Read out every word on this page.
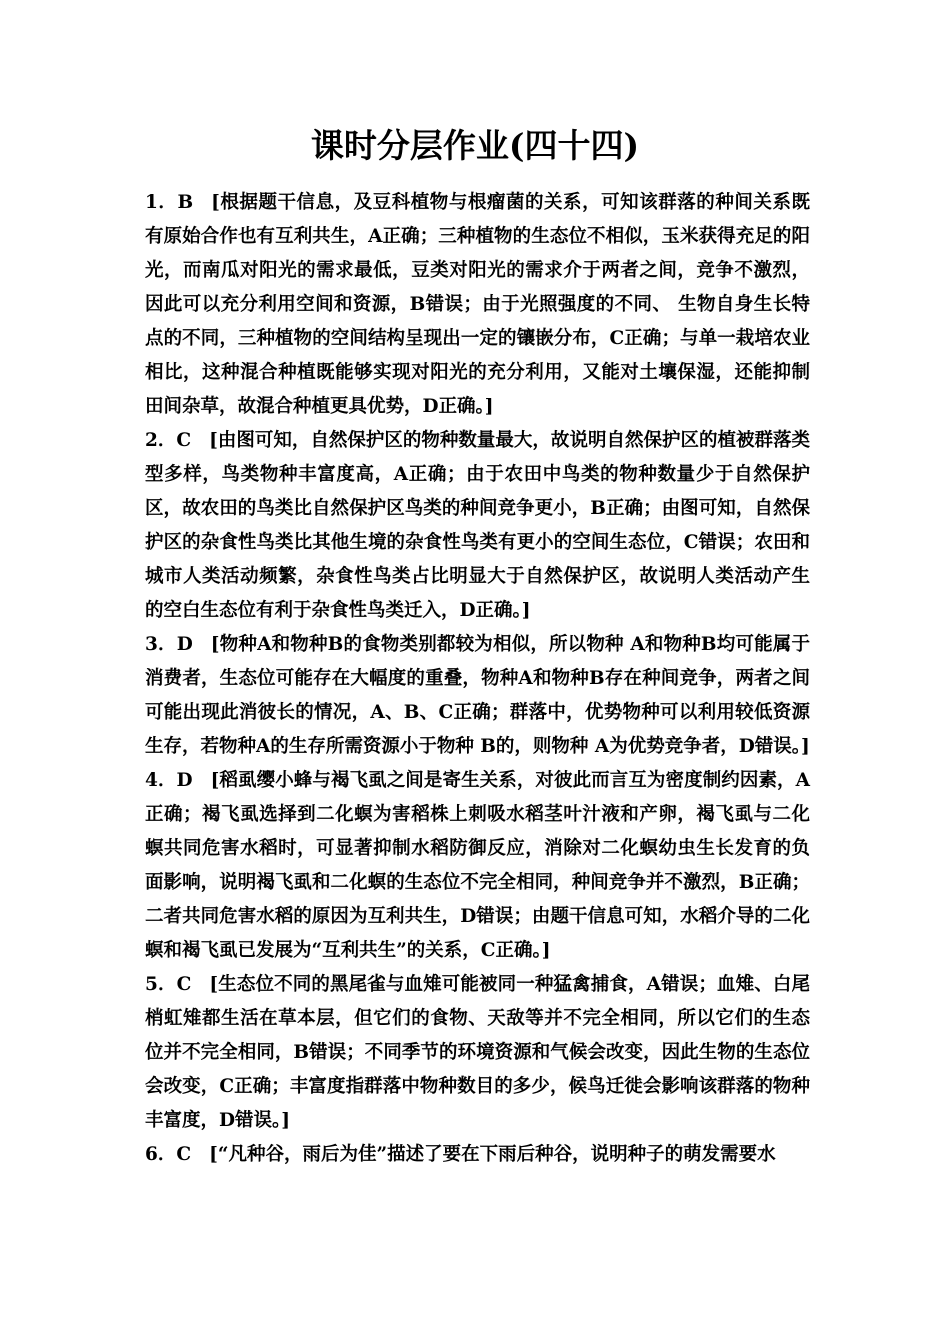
课时分层作业(四十四)

1．B [根据题干信息，及豆科植物与根瘤菌的关系，可知该群落的种间关系既有原始合作也有互利共生，A正确；三种植物的生态位不相似，玉米获得充足的阳光，而南瓜对阳光的需求最低，豆类对阳光的需求介于两者之间，竞争不激烈，因此可以充分利用空间和资源，B错误；由于光照强度的不同、 生物自身生长特点的不同，三种植物的空间结构呈现出一定的镶嵌分布，C正确；与单一栽培农业相比，这种混合种植既能够实现对阳光的充分利用，又能对土壤保湿，还能抑制田间杂草，故混合种植更具优势，D正确。]

2．C [由图可知，自然保护区的物种数量最大，故说明自然保护区的植被群落类型多样，鸟类物种丰富度高，A正确；由于农田中鸟类的物种数量少于自然保护区，故农田的鸟类比自然保护区鸟类的种间竞争更小，B正确；由图可知，自然保护区的杂食性鸟类比其他生境的杂食性鸟类有更小的空间生态位，C错误；农田和城市人类活动频繁，杂食性鸟类占比明显大于自然保护区，故说明人类活动产生的空白生态位有利于杂食性鸟类迁入，D正确。]

3．D [物种A和物种B的食物类别都较为相似，所以物种 A和物种B均可能属于消费者，生态位可能存在大幅度的重叠，物种A和物种B存在种间竞争，两者之间可能出现此消彼长的情况，A、B、C正确；群落中，优势物种可以利用较低资源生存，若物种A的生存所需资源小于物种 B的，则物种 A为优势竞争者，D错误。]

4．D [稻虱缨小蜂与褐飞虱之间是寄生关系，对彼此而言互为密度制约因素，A正确；褐飞虱选择到二化螟为害稻株上刺吸水稻茎叶汁液和产卵，褐飞虱与二化螟共同危害水稻时，可显著抑制水稻防御反应，消除对二化螟幼虫生长发育的负面影响，说明褐飞虱和二化螟的生态位不完全相同，种间竞争并不激烈，B正确；二者共同危害水稻的原因为互利共生，D错误；由题干信息可知，水稻介导的二化螟和褐飞虱已发展为“互利共生”的关系，C正确。]

5．C [生态位不同的黑尾雀与血雉可能被同一种猛禽捕食，A错误；血雉、白尾梢虹雉都生活在草本层，但它们的食物、天敌等并不完全相同，所以它们的生态位并不完全相同，B错误；不同季节的环境资源和气候会改变，因此生物的生态位会改变，C正确；丰富度指群落中物种数目的多少，候鸟迁徙会影响该群落的物种丰富度，D错误。]

6．C [“凡种谷，雨后为佳”描述了要在下雨后种谷，说明种子的萌发需要水
